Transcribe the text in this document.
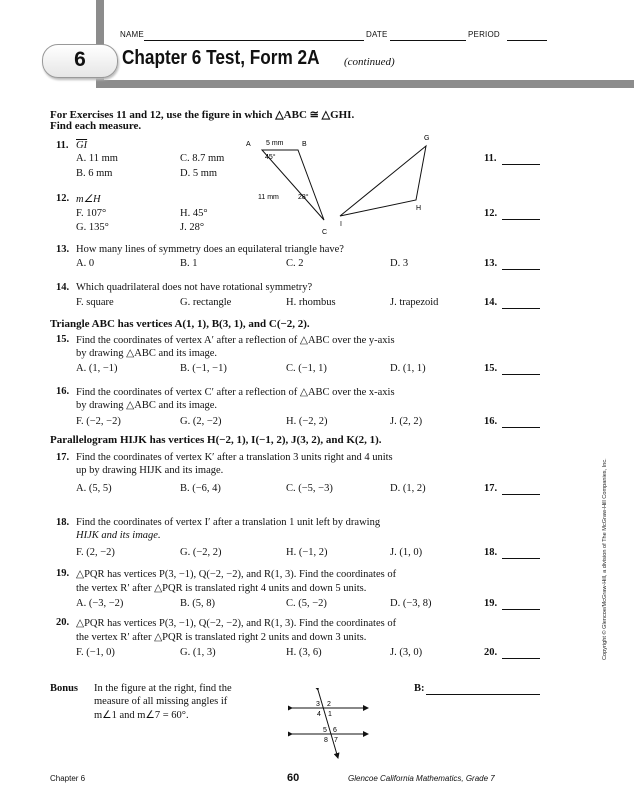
NAME	DATE	PERIOD
6	Chapter 6 Test, Form 2A (continued)
For Exercises 11 and 12, use the figure in which △ABC ≅ △GHI.
Find each measure.
A	B
C
G
H
I
5 mm
45°
11 mm	28°
11. $\overline{GI}$
A. 11 mm	C. 8.7 mm
B. 6 mm	D. 5 mm
11.
12. m∠H
F. 107°	H. 45°
G. 135°	J. 28°
12.
13. How many lines of symmetry does an equilateral triangle have?
A. 0	B. 1	C. 2	D. 3	13.
14. Which quadrilateral does not have rotational symmetry?
F. square	G. rectangle	H. rhombus	J. trapezoid	14.
Triangle ABC has vertices A(1, 1), B(3, 1), and C(−2, 2).
15. Find the coordinates of vertex A′ after a reflection of △ABC over the y-axis
by drawing △ABC and its image.
A. (1, −1)	B. (−1, −1)	C. (−1, 1)	D. (1, 1)	15.
16. Find the coordinates of vertex C′ after a reflection of △ABC over the x-axis
by drawing △ABC and its image.
F. (−2, −2)	G. (2, −2)	H. (−2, 2)	J. (2, 2)	16.
Parallelogram HIJK has vertices H(−2, 1), I(−1, 2), J(3, 2), and K(2, 1).
17. Find the coordinates of vertex K′ after a translation 3 units right and 4 units
up by drawing HIJK and its image.
A. (5, 5)	B. (−6, 4)	C. (−5, −3)	D. (1, 2)	17.
18. Find the coordinates of vertex I′ after a translation 1 unit left by drawing
HIJK and its image.
F. (2, −2)	G. (−2, 2)	H. (−1, 2)	J. (1, 0)	18.
19. △PQR has vertices P(3, −1), Q(−2, −2), and R(1, 3). Find the coordinates of
the vertex R′ after △PQR is translated right 4 units and down 5 units.
A. (−3, −2)	B. (5, 8)	C. (5, −2)	D. (−3, 8)	19.
20. △PQR has vertices P(3, −1), Q(−2, −2), and R(1, 3). Find the coordinates of
the vertex R′ after △PQR is translated right 2 units and down 3 units.
F. (−1, 0)	G. (1, 3)	H. (3, 6)	J. (3, 0)	20.
Bonus In the figure at the right, find the
measure of all missing angles if
m∠1 and m∠7 = 60°.
B:
3 2
4 1
5 6
8 7
Copyright © Glencoe/McGraw-Hill, a division of The McGraw-Hill Companies, Inc.
Chapter 6	60	Glencoe California Mathematics, Grade 7
